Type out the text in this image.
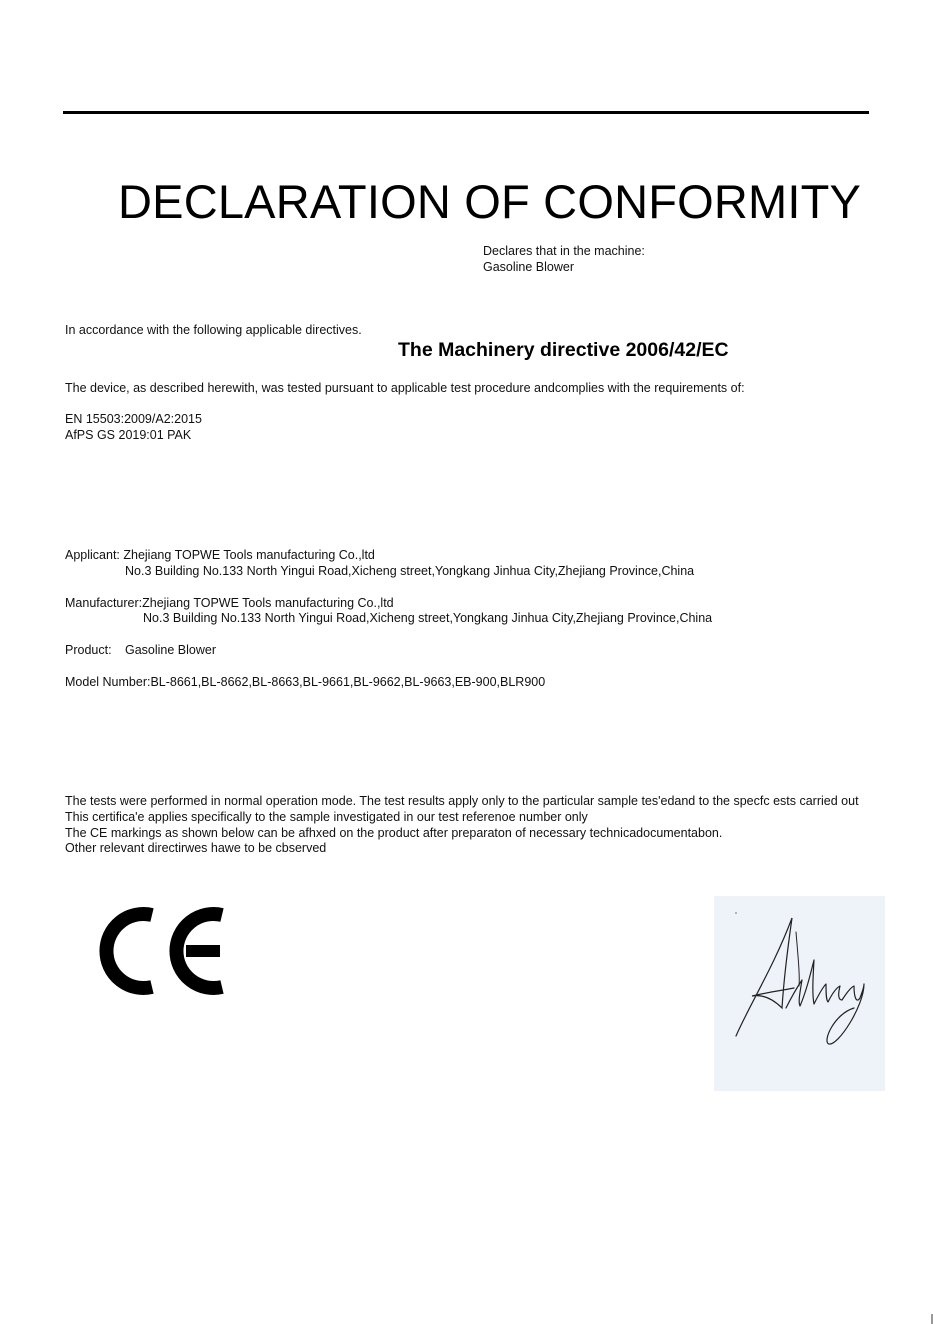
DECLARATION OF CONFORMITY
Declares that in the machine:
Gasoline Blower
In accordance with the following applicable directives.
The Machinery directive 2006/42/EC
The device, as described herewith, was tested pursuant to applicable test procedure andcomplies with the requirements of:
EN 15503:2009/A2:2015
AfPS GS 2019:01 PAK
Applicant: Zhejiang TOPWE Tools manufacturing Co.,ltd
No.3 Building No.133 North Yingui Road,Xicheng street,Yongkang Jinhua City,Zhejiang Province,China
Manufacturer:Zhejiang TOPWE Tools manufacturing Co.,ltd
No.3 Building No.133 North Yingui Road,Xicheng street,Yongkang Jinhua City,Zhejiang Province,China
Product: Gasoline Blower
Model Number:BL-8661,BL-8662,BL-8663,BL-9661,BL-9662,BL-9663,EB-900,BLR900
The tests were performed in normal operation mode. The test results apply only to the particular sample tes'edand to the specfc ests carried out
This certifica'e applies specifically to the sample investigated in our test referenoe number only
The CE markings as shown below can be afhxed on the product after preparaton of necessary technicadocumentabon.
Other relevant directirwes hawe to be cbserved
